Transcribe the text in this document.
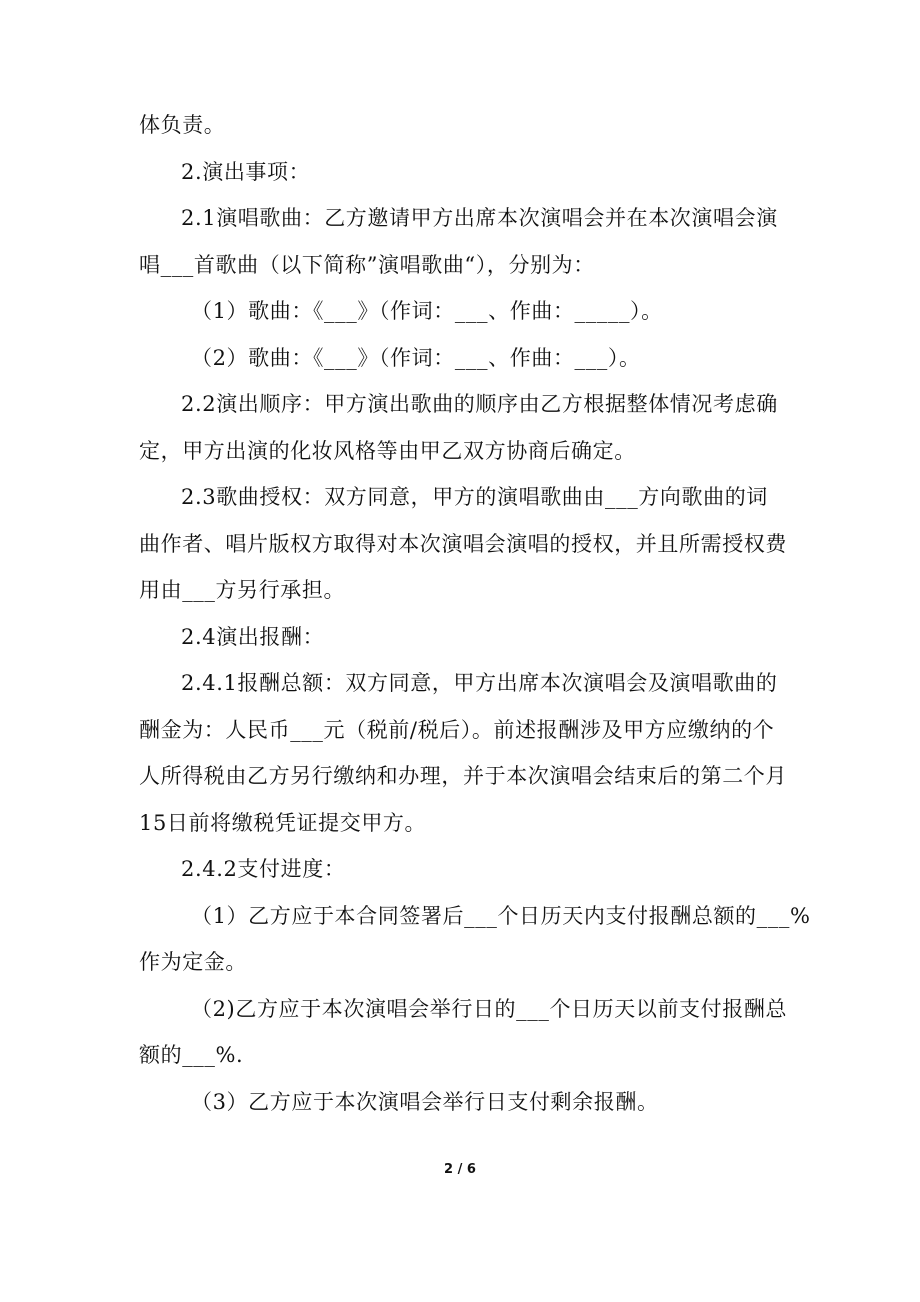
体负责。
2.演出事项：
2.1演唱歌曲：乙方邀请甲方出席本次演唱会并在本次演唱会演
唱___首歌曲（以下简称”演唱歌曲“），分别为：
（1）歌曲：《___》（作词：___、作曲：_____）。
（2）歌曲：《___》（作词：___、作曲：___）。
2.2演出顺序：甲方演出歌曲的顺序由乙方根据整体情况考虑确
定，甲方出演的化妆风格等由甲乙双方协商后确定。
2.3歌曲授权：双方同意，甲方的演唱歌曲由___方向歌曲的词
曲作者、唱片版权方取得对本次演唱会演唱的授权，并且所需授权费
用由___方另行承担。
2.4演出报酬：
2.4.1报酬总额：双方同意，甲方出席本次演唱会及演唱歌曲的
酬金为：人民币___元（税前/税后）。前述报酬涉及甲方应缴纳的个
人所得税由乙方另行缴纳和办理，并于本次演唱会结束后的第二个月
15日前将缴税凭证提交甲方。
2.4.2支付进度：
（1）乙方应于本合同签署后___个日历天内支付报酬总额的___%
作为定金。
（2)乙方应于本次演唱会举行日的___个日历天以前支付报酬总
额的___%.
（3）乙方应于本次演唱会举行日支付剩余报酬。

2 / 6
